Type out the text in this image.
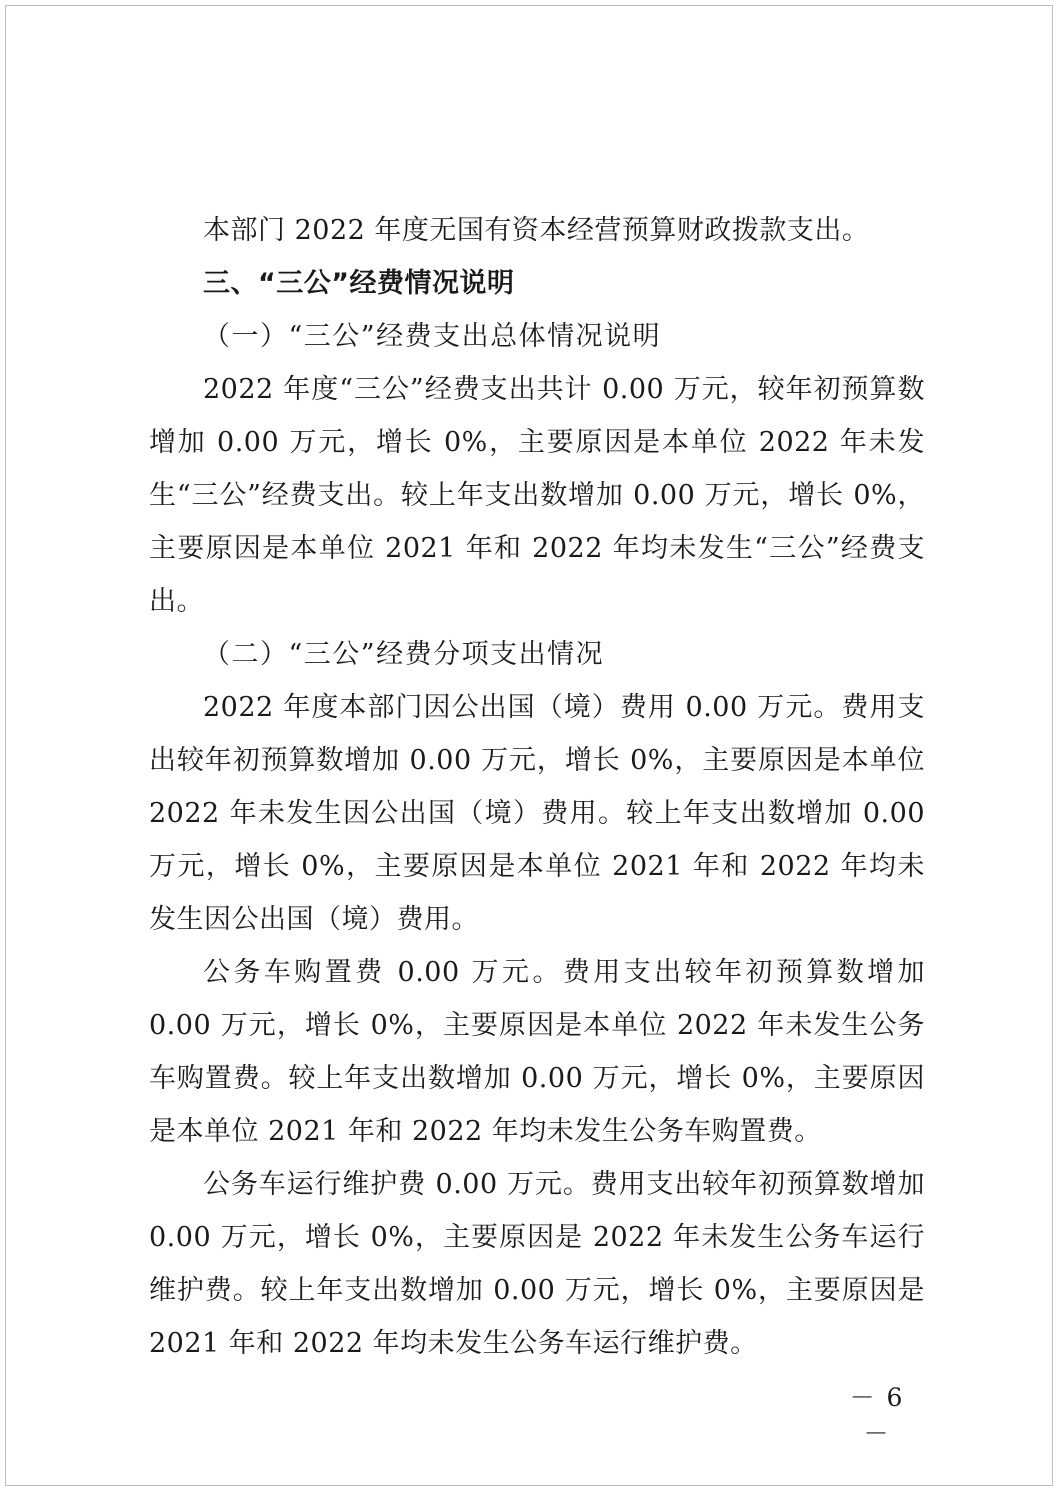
本部门 2022 年度无国有资本经营预算财政拨款支出。

三、“三公”经费情况说明

（一）“三公”经费支出总体情况说明

2022 年度“三公”经费支出共计 0.00 万元，较年初预算数增加 0.00 万元，增长 0%，主要原因是本单位 2022 年未发生“三公”经费支出。较上年支出数增加 0.00 万元，增长 0%，主要原因是本单位 2021 年和 2022 年均未发生“三公”经费支出。

（二）“三公”经费分项支出情况

2022 年度本部门因公出国（境）费用 0.00 万元。费用支出较年初预算数增加 0.00 万元，增长 0%，主要原因是本单位 2022 年未发生因公出国（境）费用。较上年支出数增加 0.00 万元，增长 0%，主要原因是本单位 2021 年和 2022 年均未发生因公出国（境）费用。

公务车购置费 0.00 万元。费用支出较年初预算数增加 0.00 万元，增长 0%，主要原因是本单位 2022 年未发生公务车购置费。较上年支出数增加 0.00 万元，增长 0%，主要原因是本单位 2021 年和 2022 年均未发生公务车购置费。

公务车运行维护费 0.00 万元。费用支出较年初预算数增加 0.00 万元，增长 0%，主要原因是 2022 年未发生公务车运行维护费。较上年支出数增加 0.00 万元，增长 0%，主要原因是 2021 年和 2022 年均未发生公务车运行维护费。

－ 6 －
